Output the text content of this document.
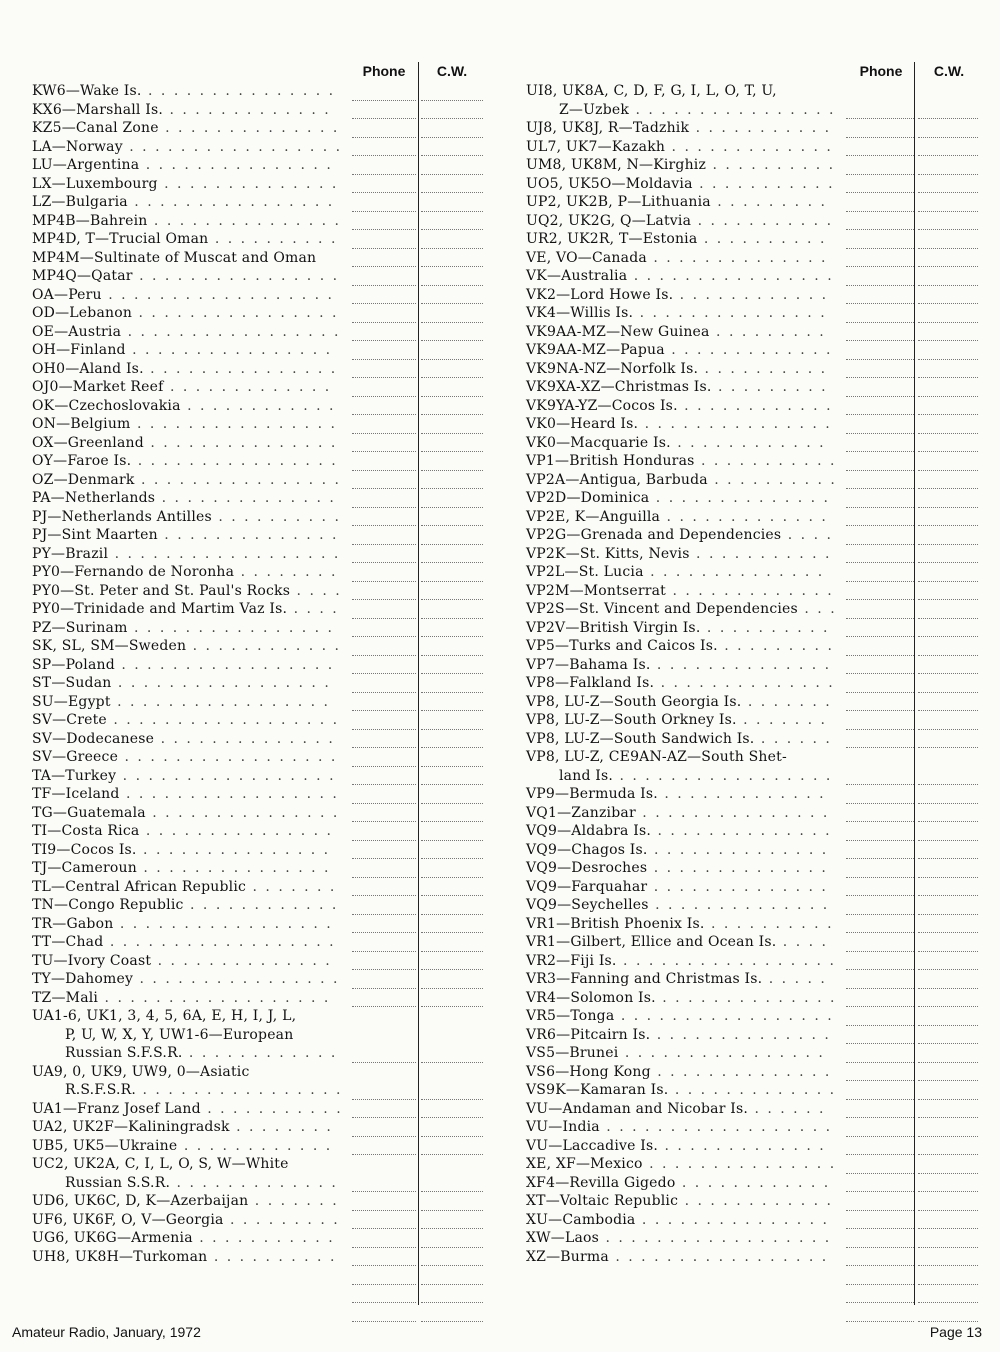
Phone	C.W.
KW6—Wake Is. . . . . . . . . . . . . . . .
KX6—Marshall Is. . . . . . . . . . . . . .
KZ5—Canal Zone . . . . . . . . . . . . . .
LA—Norway . . . . . . . . . . . . . . . . .
LU—Argentina . . . . . . . . . . . . . . .
LX—Luxembourg . . . . . . . . . . . . . .
LZ—Bulgaria . . . . . . . . . . . . . . . .
MP4B—Bahrein . . . . . . . . . . . . . . .
MP4D, T—Trucial Oman . . . . . . . . . .
MP4M—Sultinate of Muscat and Oman
MP4Q—Qatar . . . . . . . . . . . . . . . .
OA—Peru . . . . . . . . . . . . . . . . . .
OD—Lebanon . . . . . . . . . . . . . . . .
OE—Austria . . . . . . . . . . . . . . . . .
OH—Finland . . . . . . . . . . . . . . . .
OH0—Aland Is. . . . . . . . . . . . . . . .
OJ0—Market Reef . . . . . . . . . . . . .
OK—Czechoslovakia . . . . . . . . . . . .
ON—Belgium . . . . . . . . . . . . . . . .
OX—Greenland . . . . . . . . . . . . . . .
OY—Faroe Is. . . . . . . . . . . . . . . . .
OZ—Denmark . . . . . . . . . . . . . . . .
PA—Netherlands . . . . . . . . . . . . . .
PJ—Netherlands Antilles . . . . . . . . . .
PJ—Sint Maarten . . . . . . . . . . . . . .
PY—Brazil . . . . . . . . . . . . . . . . . .
PY0—Fernando de Noronha . . . . . . . .
PY0—St. Peter and St. Paul's Rocks . . . .
PY0—Trinidade and Martim Vaz Is. . . . .
PZ—Surinam . . . . . . . . . . . . . . . .
SK, SL, SM—Sweden . . . . . . . . . . . .
SP—Poland . . . . . . . . . . . . . . . . .
ST—Sudan . . . . . . . . . . . . . . . . .
SU—Egypt . . . . . . . . . . . . . . . . .
SV—Crete . . . . . . . . . . . . . . . . . .
SV—Dodecanese . . . . . . . . . . . . . .
SV—Greece . . . . . . . . . . . . . . . . .
TA—Turkey . . . . . . . . . . . . . . . . .
TF—Iceland . . . . . . . . . . . . . . . . .
TG—Guatemala . . . . . . . . . . . . . . .
TI—Costa Rica . . . . . . . . . . . . . . .
TI9—Cocos Is. . . . . . . . . . . . . . . .
TJ—Cameroun . . . . . . . . . . . . . . .
TL—Central African Republic . . . . . . .
TN—Congo Republic . . . . . . . . . . . .
TR—Gabon . . . . . . . . . . . . . . . . .
TT—Chad . . . . . . . . . . . . . . . . . .
TU—Ivory Coast . . . . . . . . . . . . . .
TY—Dahomey . . . . . . . . . . . . . . . .
TZ—Mali . . . . . . . . . . . . . . . . . .
UA1-6, UK1, 3, 4, 5, 6A, E, H, I, J, L,
P, U, W, X, Y, UW1-6—European
Russian S.F.S.R. . . . . . . . . . . . .
UA9, 0, UK9, UW9, 0—Asiatic
R.S.F.S.R. . . . . . . . . . . . . . . . .
UA1—Franz Josef Land . . . . . . . . . . .
UA2, UK2F—Kaliningradsk . . . . . . . .
UB5, UK5—Ukraine . . . . . . . . . . . .
UC2, UK2A, C, I, L, O, S, W—White
Russian S.S.R. . . . . . . . . . . . . .
UD6, UK6C, D, K—Azerbaijan . . . . . . .
UF6, UK6F, O, V—Georgia . . . . . . . . .
UG6, UK6G—Armenia . . . . . . . . . . .
UH8, UK8H—Turkoman . . . . . . . . . .
Phone	C.W.
UI8, UK8A, C, D, F, G, I, L, O, T, U,
Z—Uzbek . . . . . . . . . . . . . . . .
UJ8, UK8J, R—Tadzhik . . . . . . . . . . .
UL7, UK7—Kazakh . . . . . . . . . . . . .
UM8, UK8M, N—Kirghiz . . . . . . . . . .
UO5, UK5O—Moldavia . . . . . . . . . . .
UP2, UK2B, P—Lithuania . . . . . . . . .
UQ2, UK2G, Q—Latvia . . . . . . . . . . .
UR2, UK2R, T—Estonia . . . . . . . . . .
VE, VO—Canada . . . . . . . . . . . . . .
VK—Australia . . . . . . . . . . . . . . . .
VK2—Lord Howe Is. . . . . . . . . . . . .
VK4—Willis Is. . . . . . . . . . . . . . . .
VK9AA-MZ—New Guinea . . . . . . . . .
VK9AA-MZ—Papua . . . . . . . . . . . . .
VK9NA-NZ—Norfolk Is. . . . . . . . . . .
VK9XA-XZ—Christmas Is. . . . . . . . . .
VK9YA-YZ—Cocos Is. . . . . . . . . . . . .
VK0—Heard Is. . . . . . . . . . . . . . . .
VK0—Macquarie Is. . . . . . . . . . . . .
VP1—British Honduras . . . . . . . . . . .
VP2A—Antigua, Barbuda . . . . . . . . . .
VP2D—Dominica . . . . . . . . . . . . . .
VP2E, K—Anguilla . . . . . . . . . . . . .
VP2G—Grenada and Dependencies . . . .
VP2K—St. Kitts, Nevis . . . . . . . . . . .
VP2L—St. Lucia . . . . . . . . . . . . . .
VP2M—Montserrat . . . . . . . . . . . . .
VP2S—St. Vincent and Dependencies . . .
VP2V—British Virgin Is. . . . . . . . . . .
VP5—Turks and Caicos Is. . . . . . . . . .
VP7—Bahama Is. . . . . . . . . . . . . . .
VP8—Falkland Is. . . . . . . . . . . . . . .
VP8, LU-Z—South Georgia Is. . . . . . . .
VP8, LU-Z—South Orkney Is. . . . . . . .
VP8, LU-Z—South Sandwich Is. . . . . . .
VP8, LU-Z, CE9AN-AZ—South Shet-
land Is. . . . . . . . . . . . . . . . . .
VP9—Bermuda Is. . . . . . . . . . . . . .
VQ1—Zanzibar . . . . . . . . . . . . . . .
VQ9—Aldabra Is. . . . . . . . . . . . . . .
VQ9—Chagos Is. . . . . . . . . . . . . . .
VQ9—Desroches . . . . . . . . . . . . . .
VQ9—Farquahar . . . . . . . . . . . . . .
VQ9—Seychelles . . . . . . . . . . . . . .
VR1—British Phoenix Is. . . . . . . . . . .
VR1—Gilbert, Ellice and Ocean Is. . . . .
VR2—Fiji Is. . . . . . . . . . . . . . . . . .
VR3—Fanning and Christmas Is. . . . . .
VR4—Solomon Is. . . . . . . . . . . . . . .
VR5—Tonga . . . . . . . . . . . . . . . . .
VR6—Pitcairn Is. . . . . . . . . . . . . . .
VS5—Brunei . . . . . . . . . . . . . . . .
VS6—Hong Kong . . . . . . . . . . . . . .
VS9K—Kamaran Is. . . . . . . . . . . . . .
VU—Andaman and Nicobar Is. . . . . . .
VU—India . . . . . . . . . . . . . . . . . .
VU—Laccadive Is. . . . . . . . . . . . . .
XE, XF—Mexico . . . . . . . . . . . . . . .
XF4—Revilla Gigedo . . . . . . . . . . . .
XT—Voltaic Republic . . . . . . . . . . . .
XU—Cambodia . . . . . . . . . . . . . . .
XW—Laos . . . . . . . . . . . . . . . . . .
XZ—Burma . . . . . . . . . . . . . . . . .
Amateur Radio, January, 1972	Page 13
